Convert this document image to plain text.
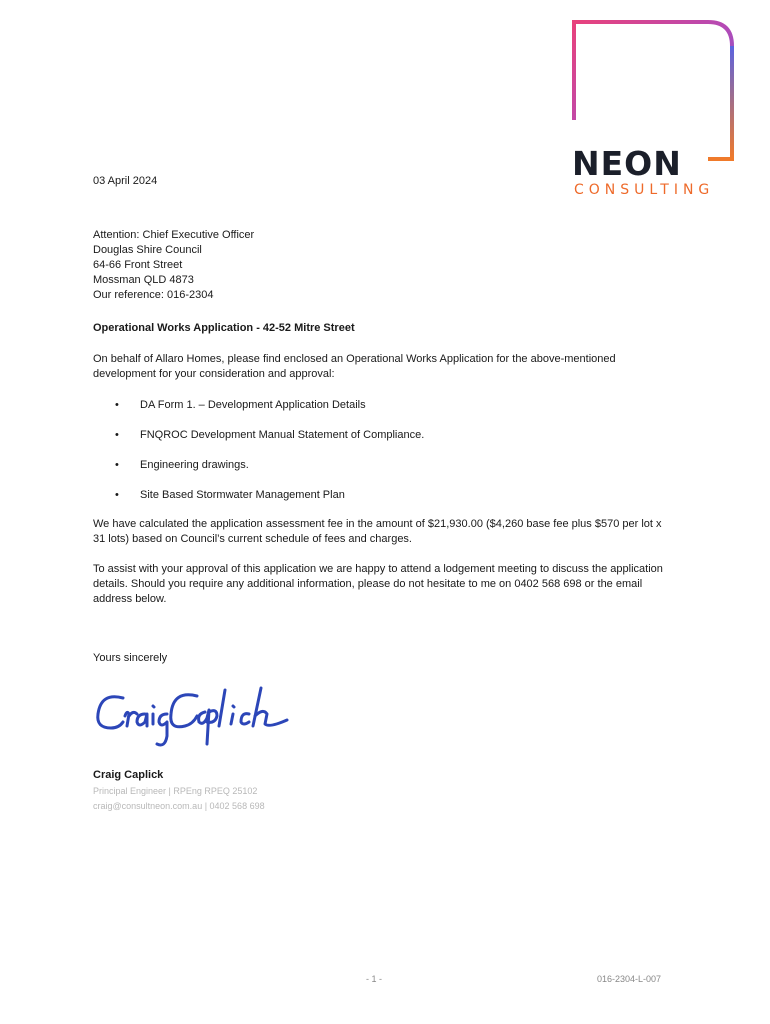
NEON
CONSULTING
03 April 2024
Attention: Chief Executive Officer
Douglas Shire Council
64-66 Front Street
Mossman QLD 4873
Our reference: 016-2304
Operational Works Application - 42-52 Mitre Street
On behalf of Allaro Homes, please find enclosed an Operational Works Application for the above-mentioned development for your consideration and approval:
• DA Form 1. – Development Application Details
• FNQROC Development Manual Statement of Compliance.
• Engineering drawings.
• Site Based Stormwater Management Plan
We have calculated the application assessment fee in the amount of $21,930.00 ($4,260 base fee plus $570 per lot x 31 lots) based on Council’s current schedule of fees and charges.
To assist with your approval of this application we are happy to attend a lodgement meeting to discuss the application details. Should you require any additional information, please do not hesitate to me on 0402 568 698 or the email address below.
Yours sincerely
Craig Caplick
Principal Engineer | RPEng RPEQ 25102
craig@consultneon.com.au | 0402 568 698
- 1 -	016-2304-L-007
